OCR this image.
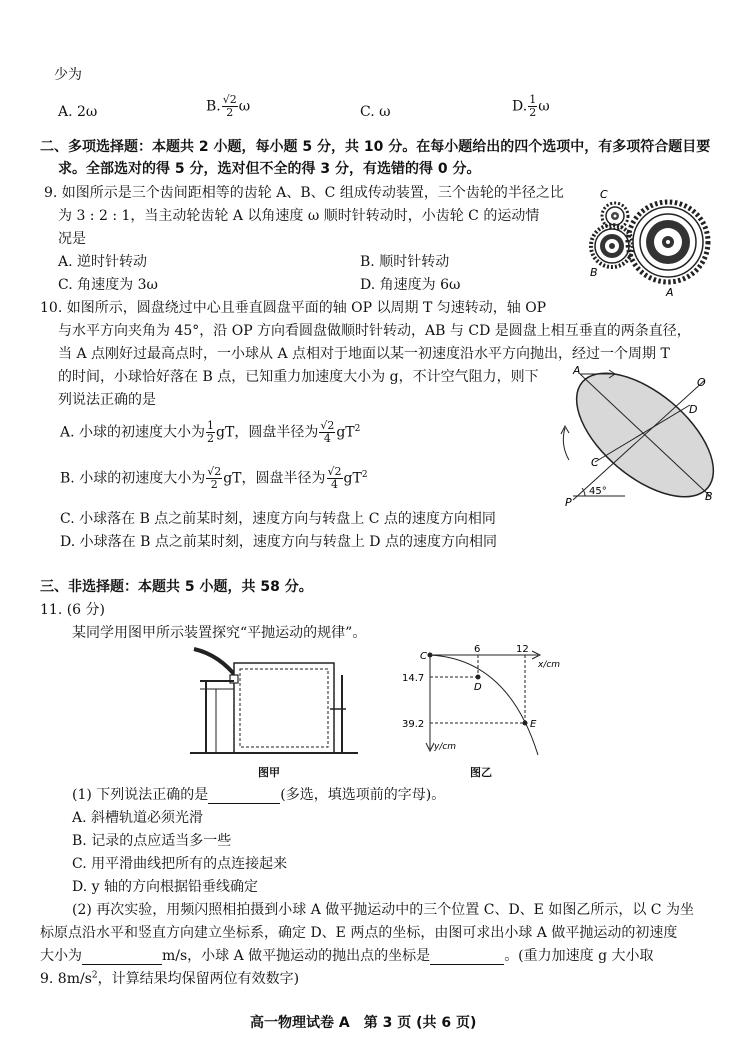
少为
A. 2ω	B. $\frac{√2}{2}$ ω	C. ω	D. $\frac{1}{2}$ ω
二、多项选择题：本题共 2 小题，每小题 5 分，共 10 分。在每小题给出的四个选项中，有多项符合题目要
求。全部选对的得 5 分，选对但不全的得 3 分，有选错的得 0 分。
9. 如图所示是三个齿间距相等的齿轮 A、B、C 组成传动装置，三个齿轮的半径之比
为 3 : 2 : 1，当主动轮齿轮 A 以角速度 ω 顺时针转动时，小齿轮 C 的运动情
况是
A. 逆时针转动	B. 顺时针转动
C. 角速度为 3ω	D. 角速度为 6ω
C
B
A
10. 如图所示，圆盘绕过中心且垂直圆盘平面的轴 OP 以周期 T 匀速转动，轴 OP
与水平方向夹角为 45°，沿 OP 方向看圆盘做顺时针转动，AB 与 CD 是圆盘上相互垂直的两条直径，
当 A 点刚好过最高点时，一小球从 A 点相对于地面以某一初速度沿水平方向抛出，经过一个周期 T
的时间，小球恰好落在 B 点，已知重力加速度大小为 g，不计空气阻力，则下
列说法正确的是
A. 小球的初速度大小为 $\frac{1}{2}$ gT，圆盘半径为 $\frac{√2}{4} gT^2$
B. 小球的初速度大小为 $\frac{√2}{2}$ gT，圆盘半径为 $\frac{√2}{4} gT^2$
C. 小球落在 B 点之前某时刻，速度方向与转盘上 C 点的速度方向相同
D. 小球落在 B 点之前某时刻，速度方向与转盘上 D 点的速度方向相同
A
O
D
C
P	B
45°
三、非选择题：本题共 5 小题，共 58 分。
11. (6 分)
某同学用图甲所示装置探究“平抛运动的规律”。
图甲
C
D
E
6	12
x/cm
14.7
39.2
y/cm
图乙
(1) 下列说法正确的是	(多选，填选项前的字母)。
A. 斜槽轨道必须光滑
B. 记录的点应适当多一些
C. 用平滑曲线把所有的点连接起来
D. y 轴的方向根据铅垂线确定
(2) 再次实验，用频闪照相拍摄到小球 A 做平抛运动中的三个位置 C、D、E 如图乙所示，以 C 为坐
标原点沿水平和竖直方向建立坐标系，确定 D、E 两点的坐标，由图可求出小球 A 做平抛运动的初速度
大小为	m/s，小球 A 做平抛运动的抛出点的坐标是	。(重力加速度 g 大小取
9. $8m/s^2$，计算结果均保留两位有效数字)
高一物理试卷 A　第 3 页 (共 6 页)
